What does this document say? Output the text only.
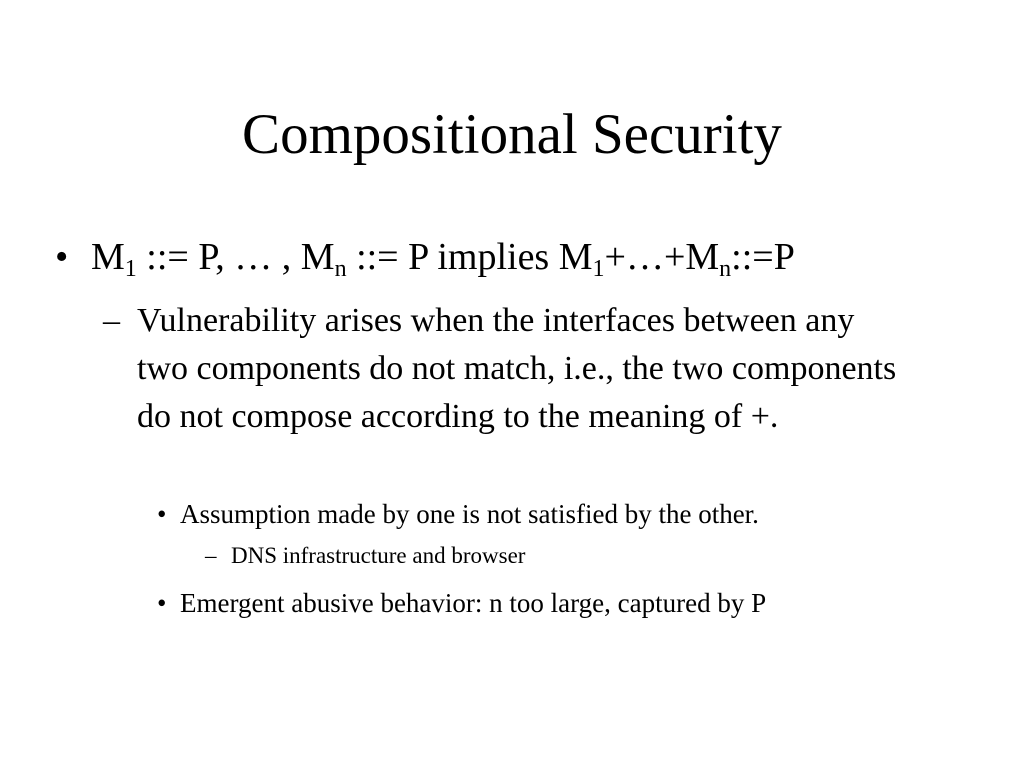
Compositional Security
• $M_1$ ::= P, … , $M_n$ ::= P implies $M_1+\dots+M_n::=P$
– Vulnerability arises when the interfaces between any two components do not match, i.e., the two components do not compose according to the meaning of +.
• Assumption made by one is not satisfied by the other.
– DNS infrastructure and browser
• Emergent abusive behavior: n too large, captured by P
